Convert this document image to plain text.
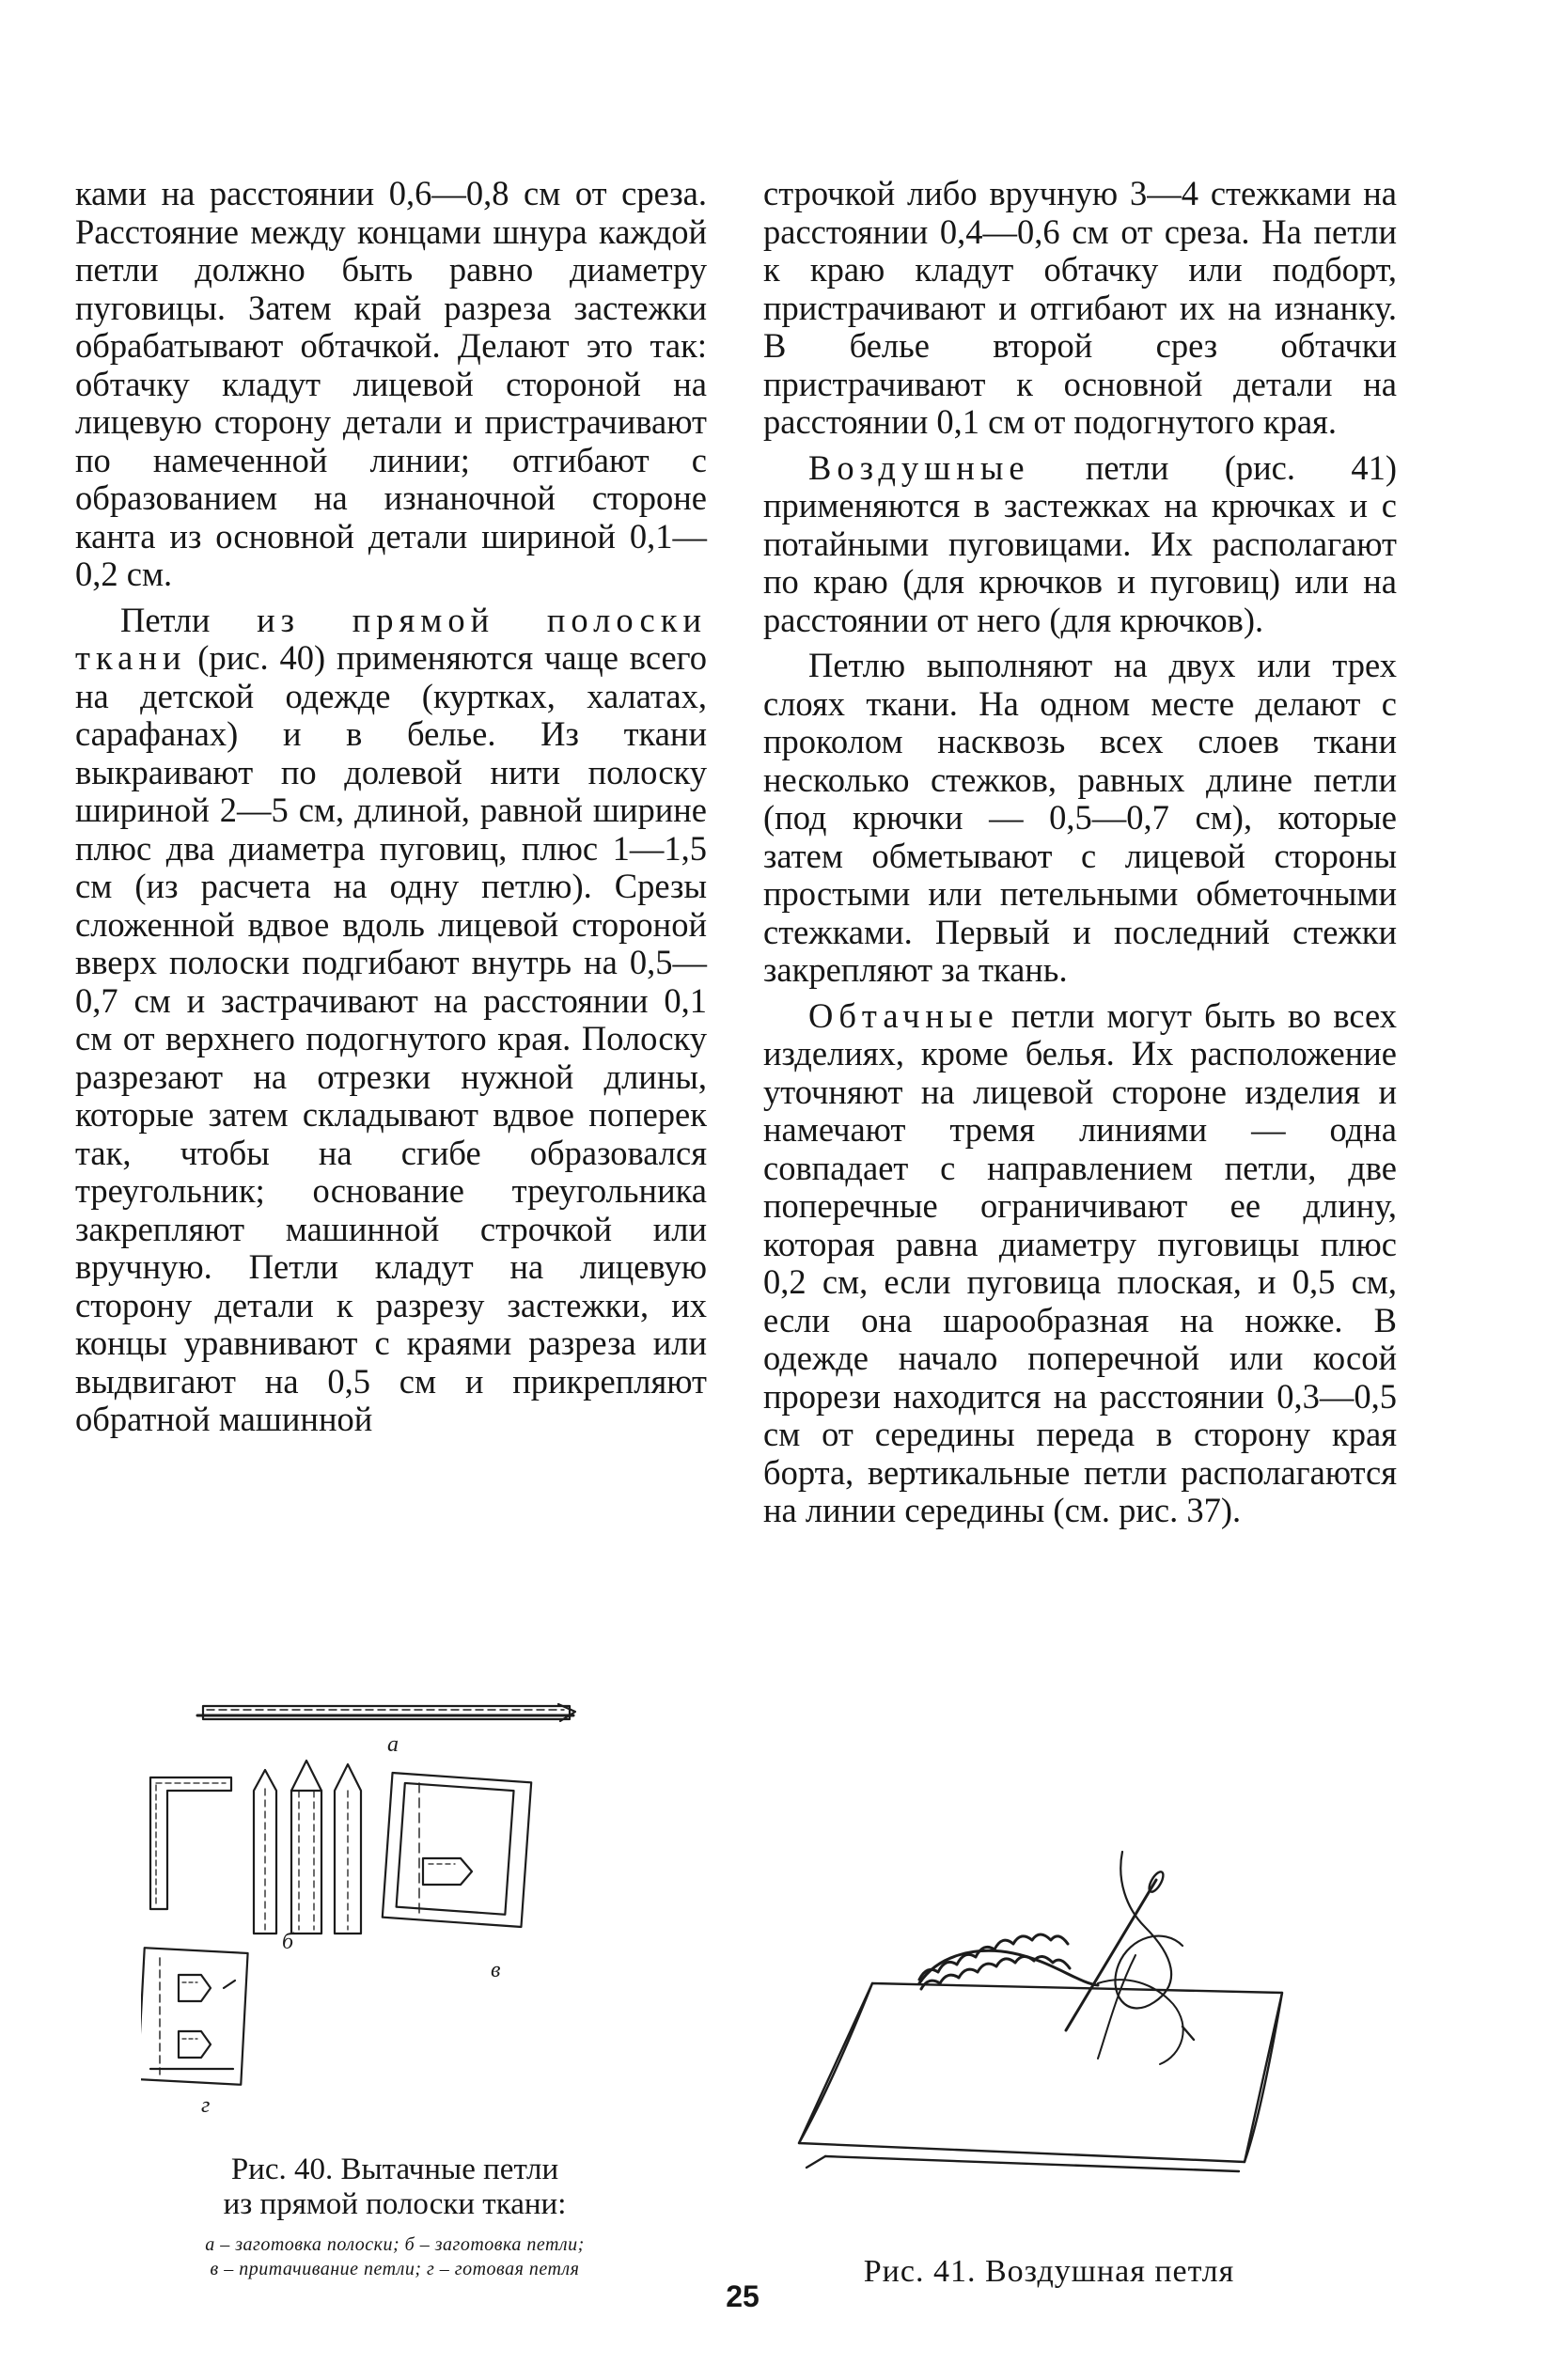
ками на расстоянии 0,6—0,8 см от среза. Расстояние между концами шнура каждой петли должно быть равно диаметру пуговицы. Затем край разреза застежки обрабатывают обтачкой. Делают это так: обтачку кладут лицевой стороной на лицевую сторону детали и пристрачивают по намеченной линии; отгибают с образованием на изнаночной стороне канта из основной детали шириной 0,1—0,2 см.

Петли из прямой полоски ткани (рис. 40) применяются чаще всего на детской одежде (куртках, халатах, сарафанах) и в белье. Из ткани выкраивают по долевой нити полоску шириной 2—5 см, длиной, равной ширине плюс два диаметра пуговиц, плюс 1—1,5 см (из расчета на одну петлю). Срезы сложенной вдвое вдоль лицевой стороной вверх полоски подгибают внутрь на 0,5—0,7 см и застрачивают на расстоянии 0,1 см от верхнего подогнутого края. Полоску разрезают на отрезки нужной длины, которые затем складывают вдвое поперек так, чтобы на сгибе образовался треугольник; основание треугольника закрепляют машинной строчкой или вручную. Петли кладут на лицевую сторону детали к разрезу застежки, их концы уравнивают с краями разреза или выдвигают на 0,5 см и прикрепляют обратной машинной

строчкой либо вручную 3—4 стежками на расстоянии 0,4—0,6 см от среза. На петли к краю кладут обтачку или подборт, пристрачивают и отгибают их на изнанку. В белье второй срез обтачки пристрачивают к основной детали на расстоянии 0,1 см от подогнутого края.

Воздушные петли (рис. 41) применяются в застежках на крючках и с потайными пуговицами. Их располагают по краю (для крючков и пуговиц) или на расстоянии от него (для крючков).

Петлю выполняют на двух или трех слоях ткани. На одном месте делают с проколом насквозь всех слоев ткани несколько стежков, равных длине петли (под крючки — 0,5—0,7 см), которые затем обметывают с лицевой стороны простыми или петельными обметочными стежками. Первый и последний стежки закрепляют за ткань.

Обтачные петли могут быть во всех изделиях, кроме белья. Их расположение уточняют на лицевой стороне изделия и намечают тремя линиями — одна совпадает с направлением петли, две поперечные ограничивают ее длину, которая равна диаметру пуговицы плюс 0,2 см, если пуговица плоская, и 0,5 см, если она шарообразная на ножке. В одежде начало поперечной или косой прорези находится на расстоянии 0,3—0,5 см от середины переда в сторону края борта, вертикальные петли располагаются на линии середины (см. рис. 37).

а
б
в
г
Рис. 40. Вытачные петли
из прямой полоски ткани:
а – заготовка полоски; б – заготовка петли;
в – притачивание петли; г – готовая петля	Рис. 41. Воздушная петля
25
